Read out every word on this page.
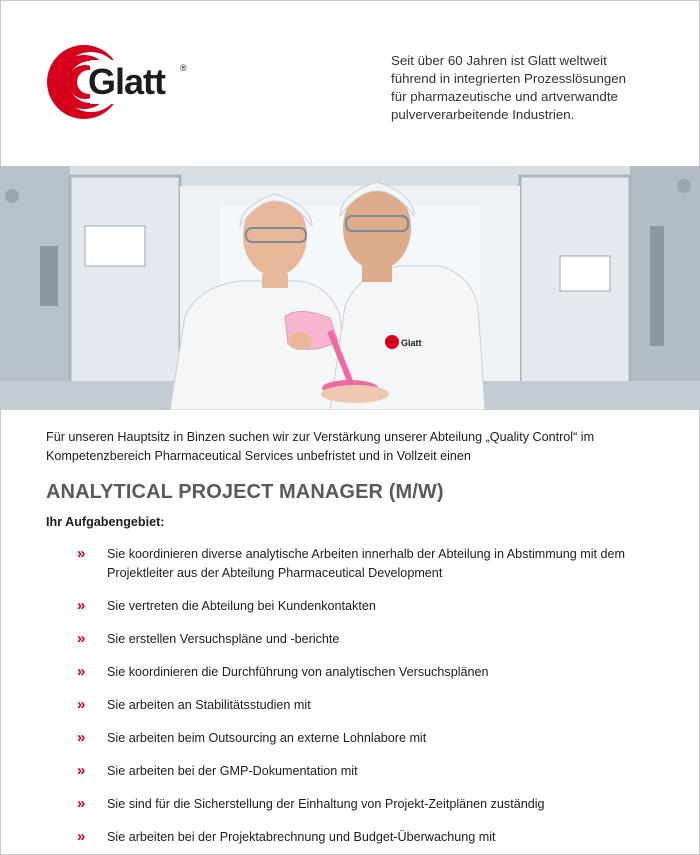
Glatt ®	Seit über 60 Jahren ist Glatt weltweit
führend in integrierten Prozesslösungen
für pharmazeutische und artverwandte
pulververarbeitende Industrien.
Glatt
Für unseren Hauptsitz in Binzen suchen wir zur Verstärkung unserer Abteilung „Quality Control“ im
Kompetenzbereich Pharmaceutical Services unbefristet und in Vollzeit einen
ANALYTICAL PROJECT MANAGER (M/W)
Ihr Aufgabengebiet:
» Sie koordinieren diverse analytische Arbeiten innerhalb der Abteilung in Abstimmung mit dem Projektleiter aus der Abteilung Pharmaceutical Development
» Sie vertreten die Abteilung bei Kundenkontakten
» Sie erstellen Versuchspläne und -berichte
» Sie koordinieren die Durchführung von analytischen Versuchsplänen
» Sie arbeiten an Stabilitätsstudien mit
» Sie arbeiten beim Outsourcing an externe Lohnlabore mit
» Sie arbeiten bei der GMP-Dokumentation mit
» Sie sind für die Sicherstellung der Einhaltung von Projekt-Zeitplänen zuständig
» Sie arbeiten bei der Projektabrechnung und Budget-Überwachung mit
